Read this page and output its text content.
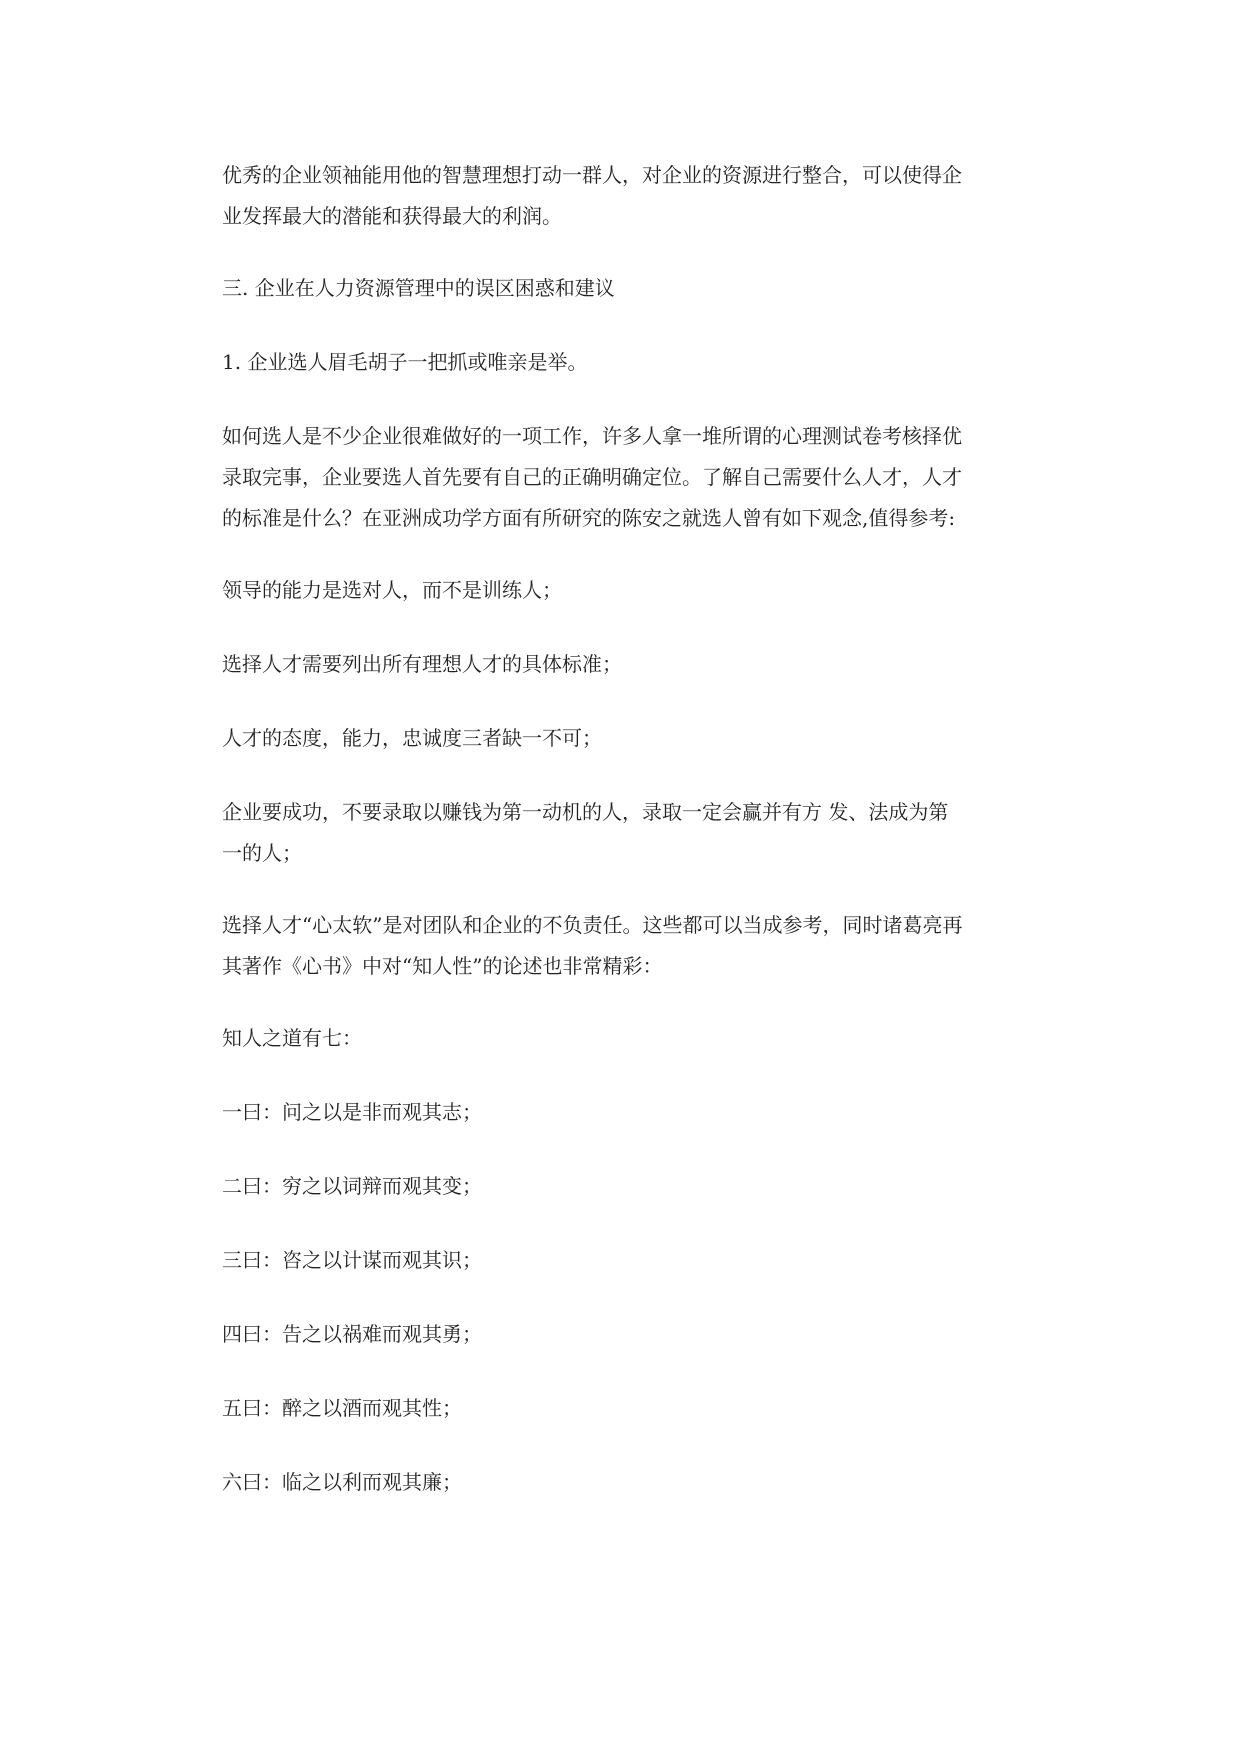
优秀的企业领袖能用他的智慧理想打动一群人，对企业的资源进行整合，可以使得企
业发挥最大的潜能和获得最大的利润。

三. 企业在人力资源管理中的误区困惑和建议

1. 企业选人眉毛胡子一把抓或唯亲是举。

如何选人是不少企业很难做好的一项工作，许多人拿一堆所谓的心理测试卷考核择优
录取完事，企业要选人首先要有自己的正确明确定位。了解自己需要什么人才，人才
的标准是什么？在亚洲成功学方面有所研究的陈安之就选人曾有如下观念,值得参考:

领导的能力是选对人，而不是训练人；

选择人才需要列出所有理想人才的具体标准；

人才的态度，能力，忠诚度三者缺一不可；

企业要成功，不要录取以赚钱为第一动机的人，录取一定会赢并有方 发、法成为第
一的人；

选择人才“心太软”是对团队和企业的不负责任。这些都可以当成参考，同时诸葛亮再
其著作《心书》中对“知人性”的论述也非常精彩：

知人之道有七：

一曰：问之以是非而观其志；

二曰：穷之以词辩而观其变；

三曰：咨之以计谋而观其识；

四曰：告之以祸难而观其勇；

五曰：醉之以酒而观其性；

六曰：临之以利而观其廉；
